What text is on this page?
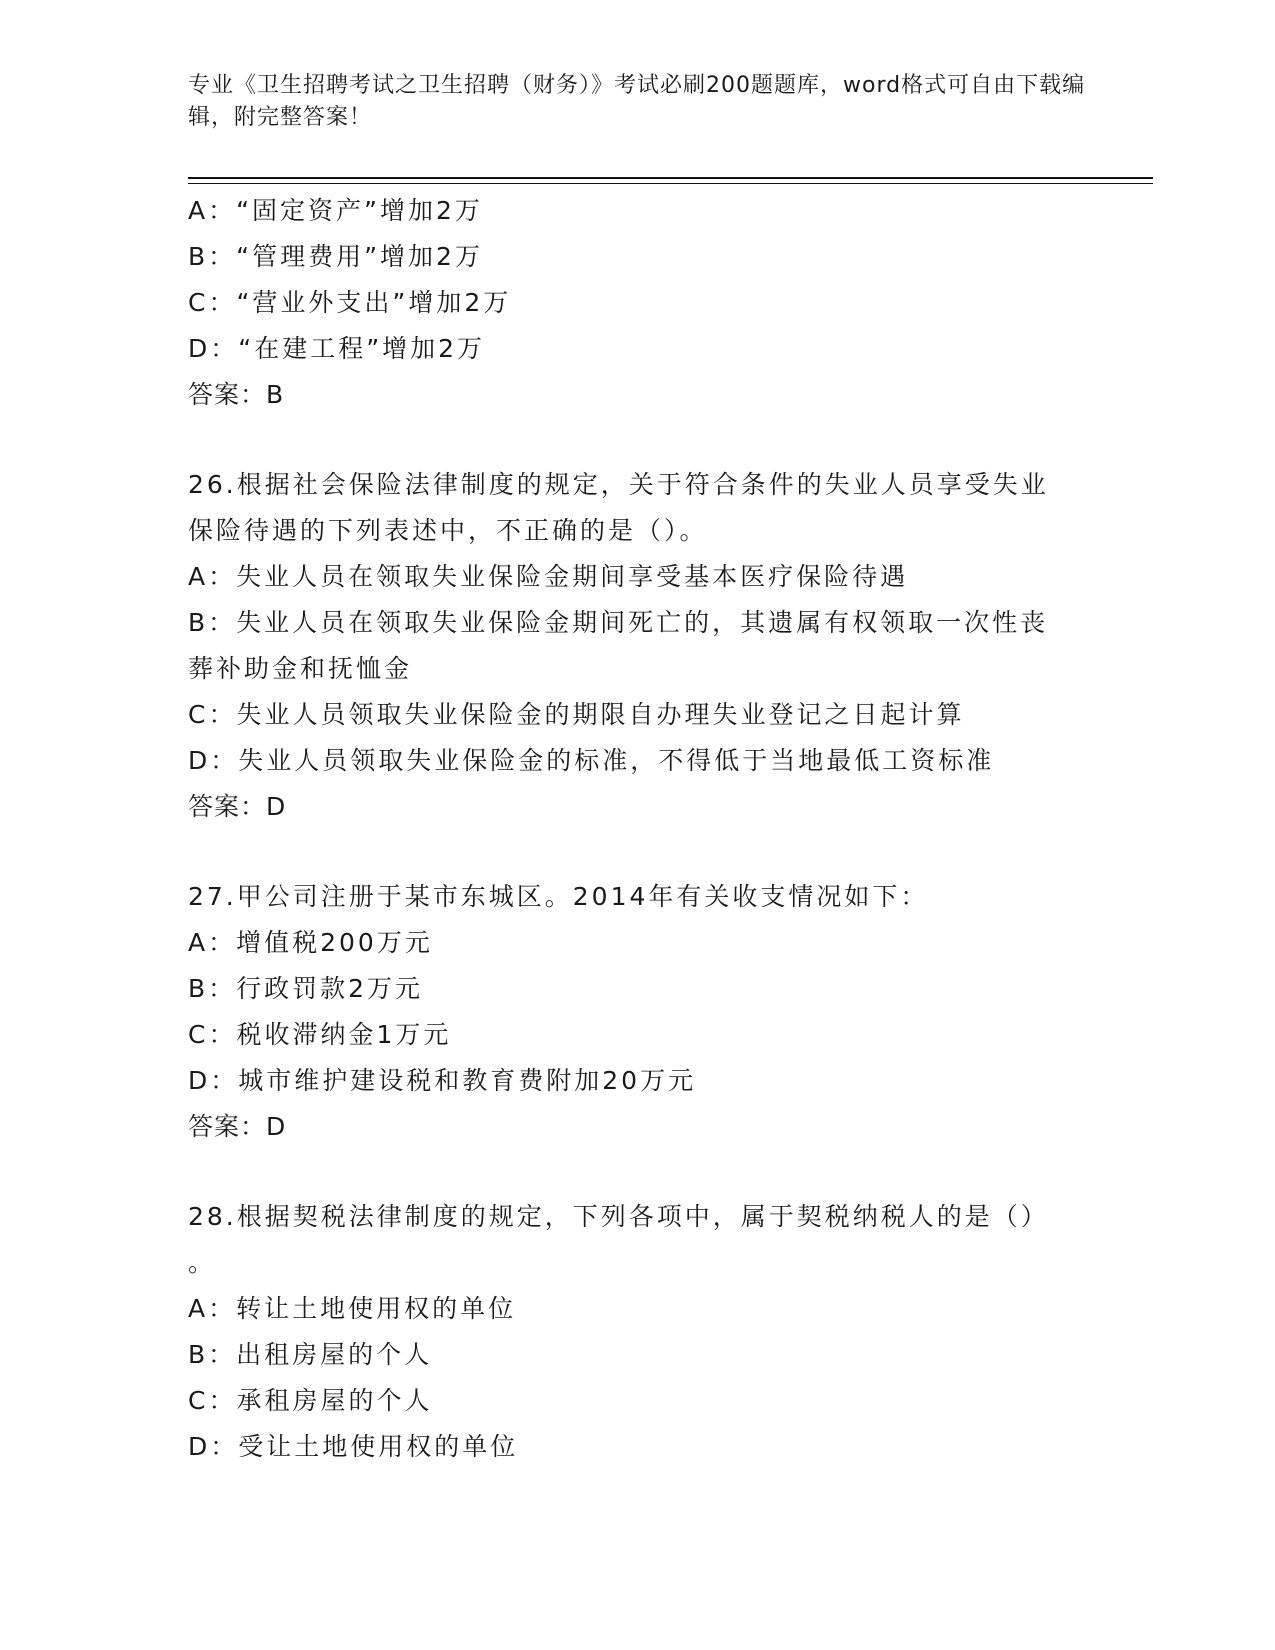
专业《卫生招聘考试之卫生招聘（财务）》考试必刷200题题库，word格式可自由下载编辑，附完整答案！
A：“固定资产”增加2万
B：“管理费用”增加2万
C：“营业外支出”增加2万
D：“在建工程”增加2万
答案：B
26.根据社会保险法律制度的规定，关于符合条件的失业人员享受失业
保险待遇的下列表述中，不正确的是（）。
A：失业人员在领取失业保险金期间享受基本医疗保险待遇
B：失业人员在领取失业保险金期间死亡的，其遗属有权领取一次性丧
葬补助金和抚恤金
C：失业人员领取失业保险金的期限自办理失业登记之日起计算
D：失业人员领取失业保险金的标准，不得低于当地最低工资标准
答案：D
27.甲公司注册于某市东城区。2014年有关收支情况如下：
A：增值税200万元
B：行政罚款2万元
C：税收滞纳金1万元
D：城市维护建设税和教育费附加20万元
答案：D
28.根据契税法律制度的规定，下列各项中，属于契税纳税人的是（）
。
A：转让土地使用权的单位
B：出租房屋的个人
C：承租房屋的个人
D：受让土地使用权的单位
